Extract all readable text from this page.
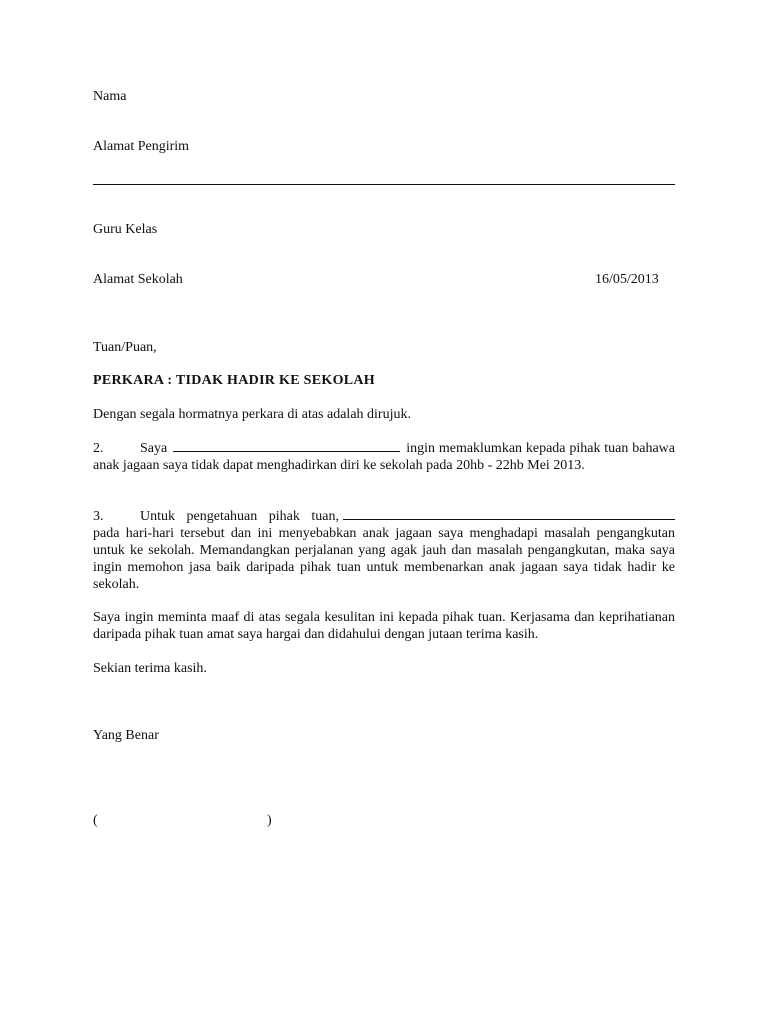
Nama
Alamat Pengirim
Guru Kelas
Alamat Sekolah	16/05/2013
Tuan/Puan,
PERKARA : TIDAK HADIR KE SEKOLAH
Dengan segala hormatnya perkara di atas adalah dirujuk.
2.	Saya	ingin memaklumkan kepada pihak tuan bahawa anak jagaan saya tidak dapat menghadirkan diri ke sekolah pada 20hb - 22hb Mei 2013.
3.	Untuk pengetahuan pihak tuan, pada hari-hari tersebut dan ini menyebabkan anak jagaan saya menghadapi masalah pengangkutan untuk ke sekolah. Memandangkan perjalanan yang agak jauh dan masalah pengangkutan, maka saya ingin memohon jasa baik daripada pihak tuan untuk membenarkan anak jagaan saya tidak hadir ke sekolah.
Saya ingin meminta maaf di atas segala kesulitan ini kepada pihak tuan. Kerjasama dan keprihatianan daripada pihak tuan amat saya hargai dan didahului dengan jutaan terima kasih.
Sekian terima kasih.
Yang Benar
(	)
